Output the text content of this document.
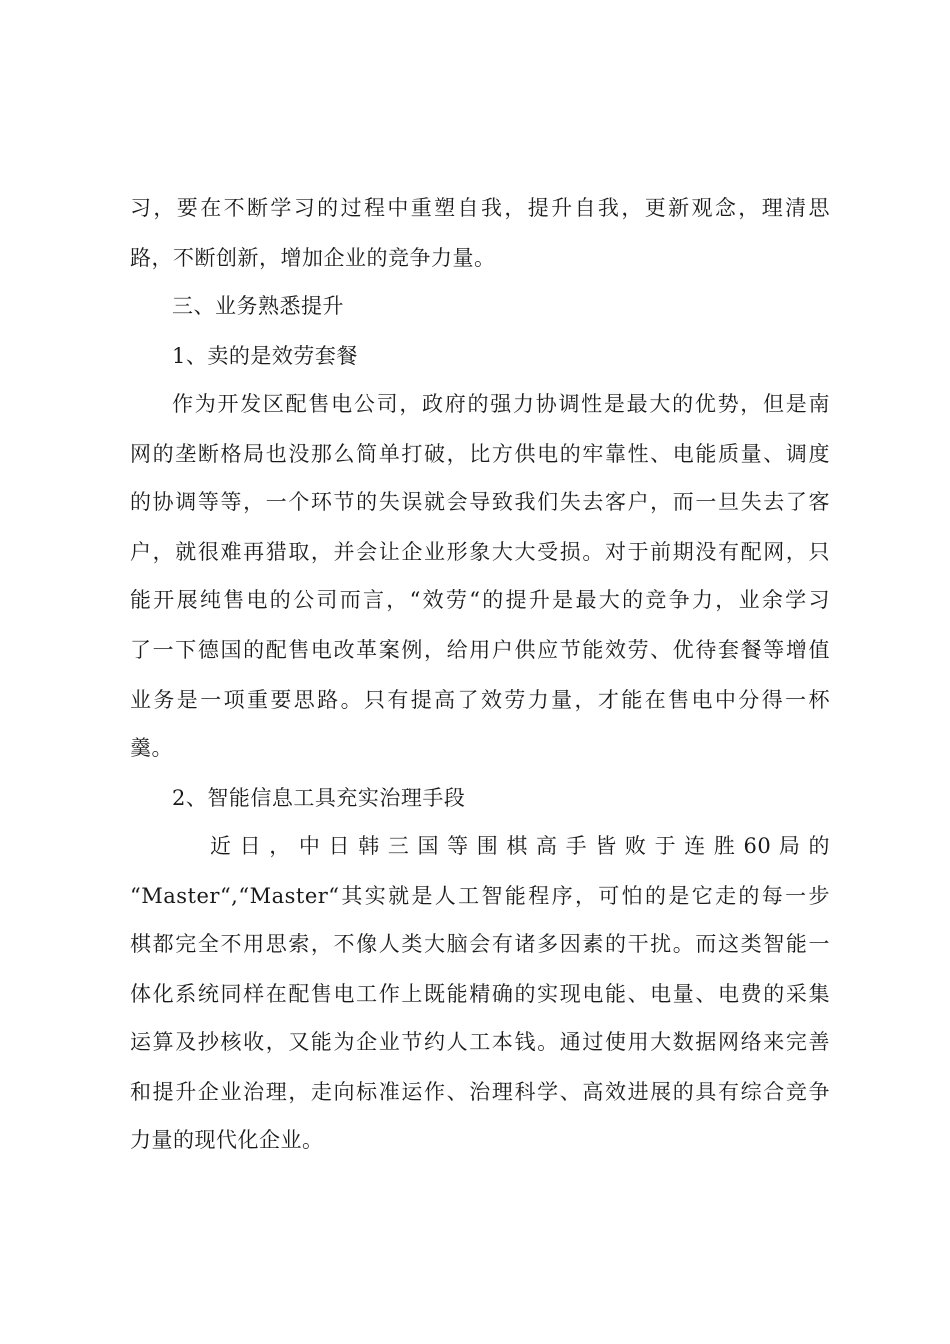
习，要在不断学习的过程中重塑自我，提升自我，更新观念，理清思
路，不断创新，增加企业的竞争力量。
三、业务熟悉提升
1、卖的是效劳套餐
作为开发区配售电公司，政府的强力协调性是最大的优势，但是南
网的垄断格局也没那么简单打破，比方供电的牢靠性、电能质量、调度
的协调等等，一个环节的失误就会导致我们失去客户，而一旦失去了客
户，就很难再猎取，并会让企业形象大大受损。对于前期没有配网，只
能开展纯售电的公司而言，“效劳“的提升是最大的竞争力，业余学习
了一下德国的配售电改革案例，给用户供应节能效劳、优待套餐等增值
业务是一项重要思路。只有提高了效劳力量，才能在售电中分得一杯
羹。
2、智能信息工具充实治理手段
近 日 ， 中 日 韩 三 国 等 围 棋 高 手 皆 败 于 连 胜 60 局 的
“Master“,“Master“其实就是人工智能程序，可怕的是它走的每一步
棋都完全不用思索，不像人类大脑会有诸多因素的干扰。而这类智能一
体化系统同样在配售电工作上既能精确的实现电能、电量、电费的采集
运算及抄核收，又能为企业节约人工本钱。通过使用大数据网络来完善
和提升企业治理，走向标准运作、治理科学、高效进展的具有综合竞争
力量的现代化企业。
